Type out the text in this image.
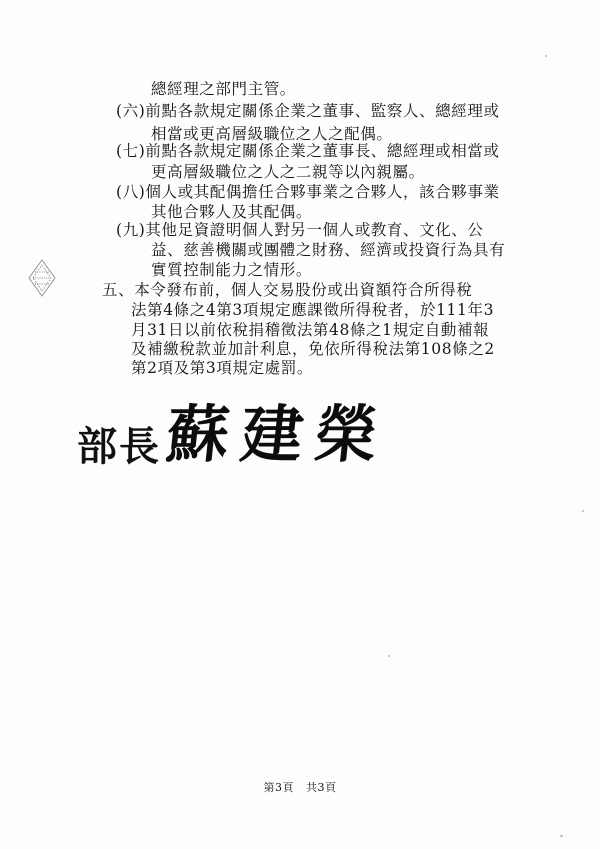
總經理之部門主管。
(六)前點各款規定關係企業之董事、監察人、總經理或
相當或更高層級職位之人之配偶。
(七)前點各款規定關係企業之董事長、總經理或相當或
更高層級職位之人之二親等以內親屬。
(八)個人或其配偶擔任合夥事業之合夥人，該合夥事業
其他合夥人及其配偶。
(九)其他足資證明個人對另一個人或教育、文化、公
益、慈善機關或團體之財務、經濟或投資行為具有
實質控制能力之情形。
五、本令發布前，個人交易股份或出資額符合所得稅
法第4條之4第3項規定應課徵所得稅者，於111年3
月31日以前依稅捐稽徵法第48條之1規定自動補報
及補繳稅款並加計利息，免依所得稅法第108條之2
第2項及第3項規定處罰。
部長 蘇建榮
第3頁 共3頁
